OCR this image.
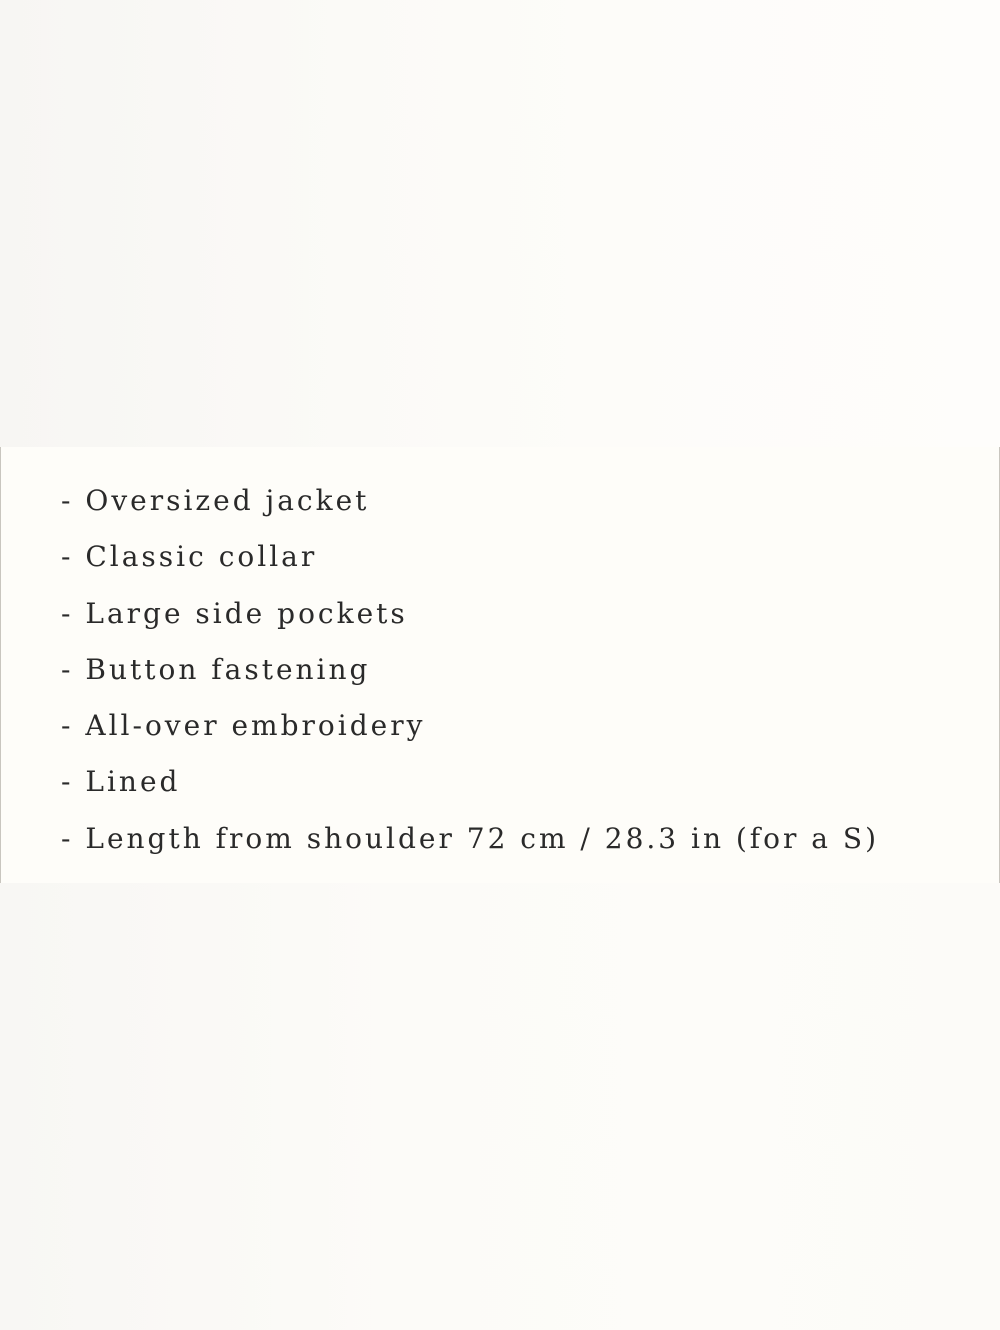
- Oversized jacket
- Classic collar
- Large side pockets
- Button fastening
- All-over embroidery
- Lined
- Length from shoulder 72 cm / 28.3 in (for a S)
